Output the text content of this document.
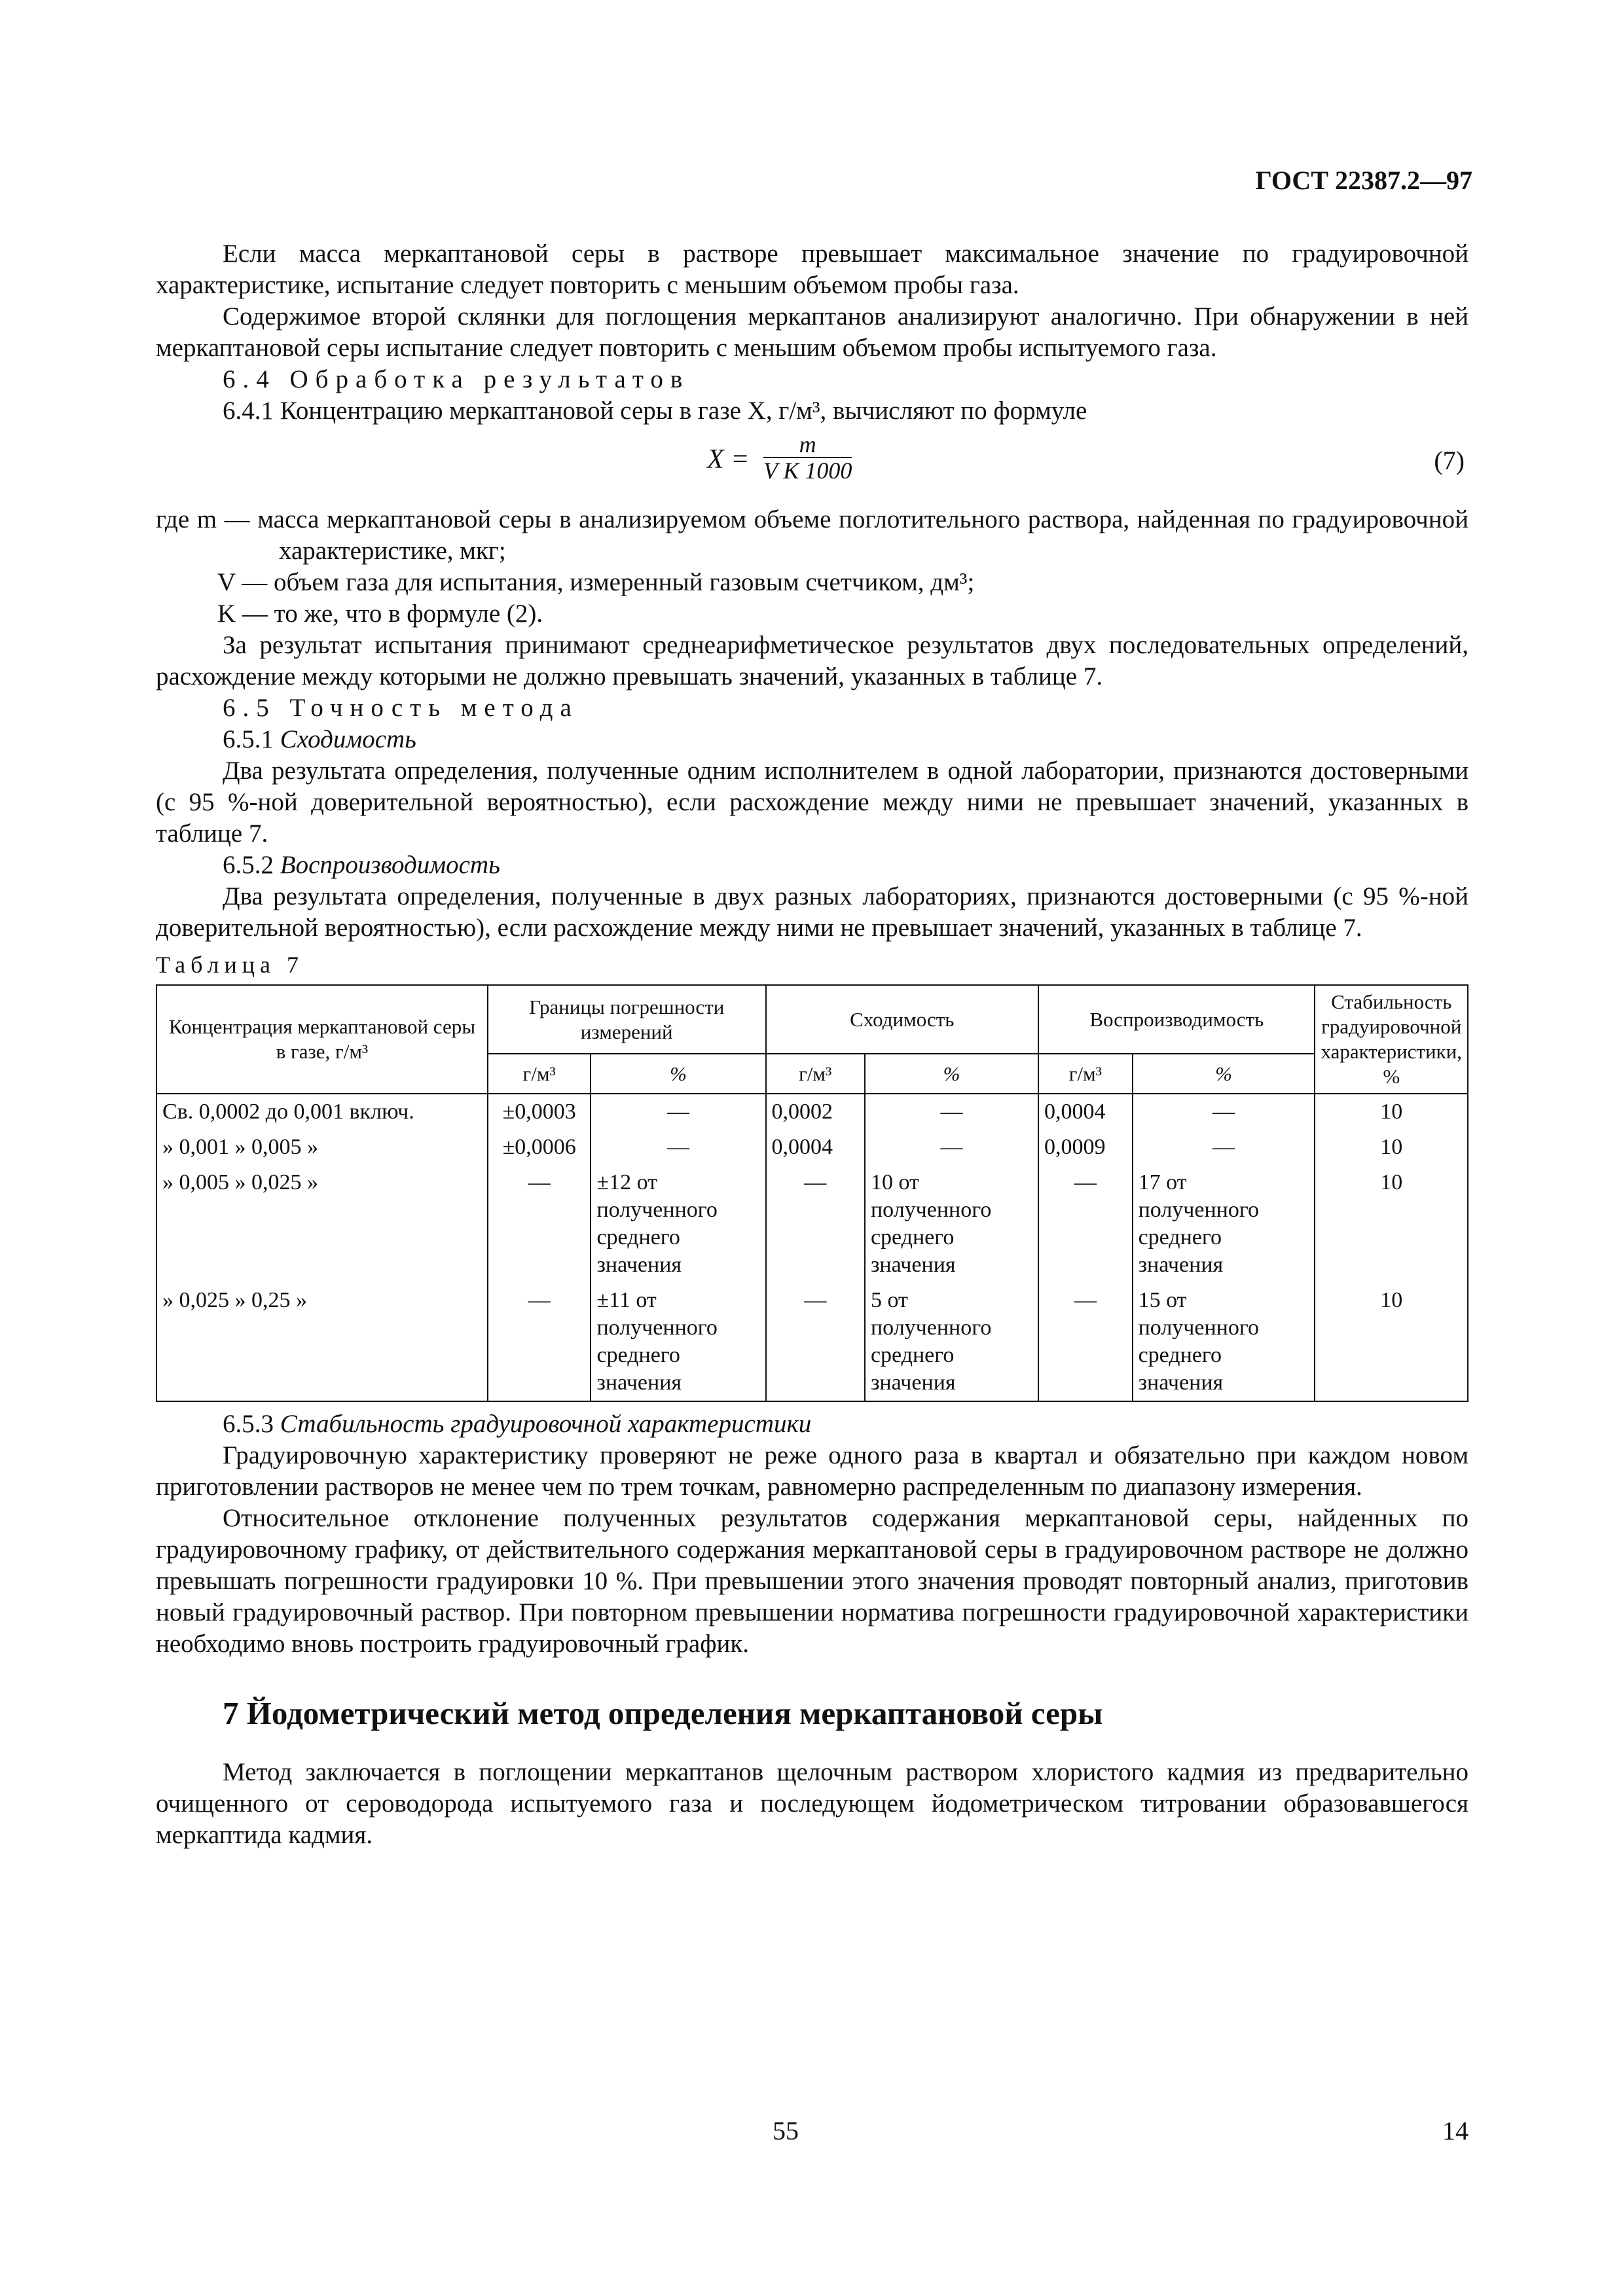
ГОСТ 22387.2—97

Если масса меркаптановой серы в растворе превышает максимальное значение по градуировочной характеристике, испытание следует повторить с меньшим объемом пробы газа.

Содержимое второй склянки для поглощения меркаптанов анализируют аналогично. При обнаружении в ней меркаптановой серы испытание следует повторить с меньшим объемом пробы испытуемого газа.

6.4 Обработка результатов

6.4.1 Концентрацию меркаптановой серы в газе X, г/м³, вычисляют по формуле

$X = \frac{m}{\text{V K 1000}}$	(7)

где m — масса меркаптановой серы в анализируемом объеме поглотительного раствора, найденная по градуировочной характеристике, мкг;

V — объем газа для испытания, измеренный газовым счетчиком, дм³;

K — то же, что в формуле (2).

За результат испытания принимают среднеарифметическое результатов двух последовательных определений, расхождение между которыми не должно превышать значений, указанных в таблице 7.

6.5 Точность метода

6.5.1 Сходимость

Два результата определения, полученные одним исполнителем в одной лаборатории, признаются достоверными (с 95 %-ной доверительной вероятностью), если расхождение между ними не превышает значений, указанных в таблице 7.

6.5.2 Воспроизводимость

Два результата определения, полученные в двух разных лабораториях, признаются достоверными (с 95 %-ной доверительной вероятностью), если расхождение между ними не превышает значений, указанных в таблице 7.

Таблица 7

Концентрация меркаптановой серы в газе, г/м³	Границы погрешности измерений		Сходимость		Воспроизводимость		Стабильность градуировочной характеристики, %
	г/м³	%	г/м³	%	г/м³	%	
Св. 0,0002 до 0,001 включ.	±0,0003	—	0,0002	—	0,0004	—	10
» 0,001 » 0,005 »	±0,0006	—	0,0004	—	0,0009	—	10
» 0,005 » 0,025 »	—	±12 от полученного среднего значения	—	10 от полученного среднего значения	—	17 от полученного среднего значения	10
» 0,025 » 0,25 »	—	±11 от полученного среднего значения	—	5 от полученного среднего значения	—	15 от полученного среднего значения	10

6.5.3 Стабильность градуировочной характеристики

Градуировочную характеристику проверяют не реже одного раза в квартал и обязательно при каждом новом приготовлении растворов не менее чем по трем точкам, равномерно распределенным по диапазону измерения.

Относительное отклонение полученных результатов содержания меркаптановой серы, найденных по градуировочному графику, от действительного содержания меркаптановой серы в градуировочном растворе не должно превышать погрешности градуировки 10 %. При превышении этого значения проводят повторный анализ, приготовив новый градуировочный раствор. При повторном превышении норматива погрешности градуировочной характеристики необходимо вновь построить градуировочный график.

7 Йодометрический метод определения меркаптановой серы

Метод заключается в поглощении меркаптанов щелочным раствором хлористого кадмия из предварительно очищенного от сероводорода испытуемого газа и последующем йодометрическом титровании образовавшегося меркаптида кадмия.

55	14
